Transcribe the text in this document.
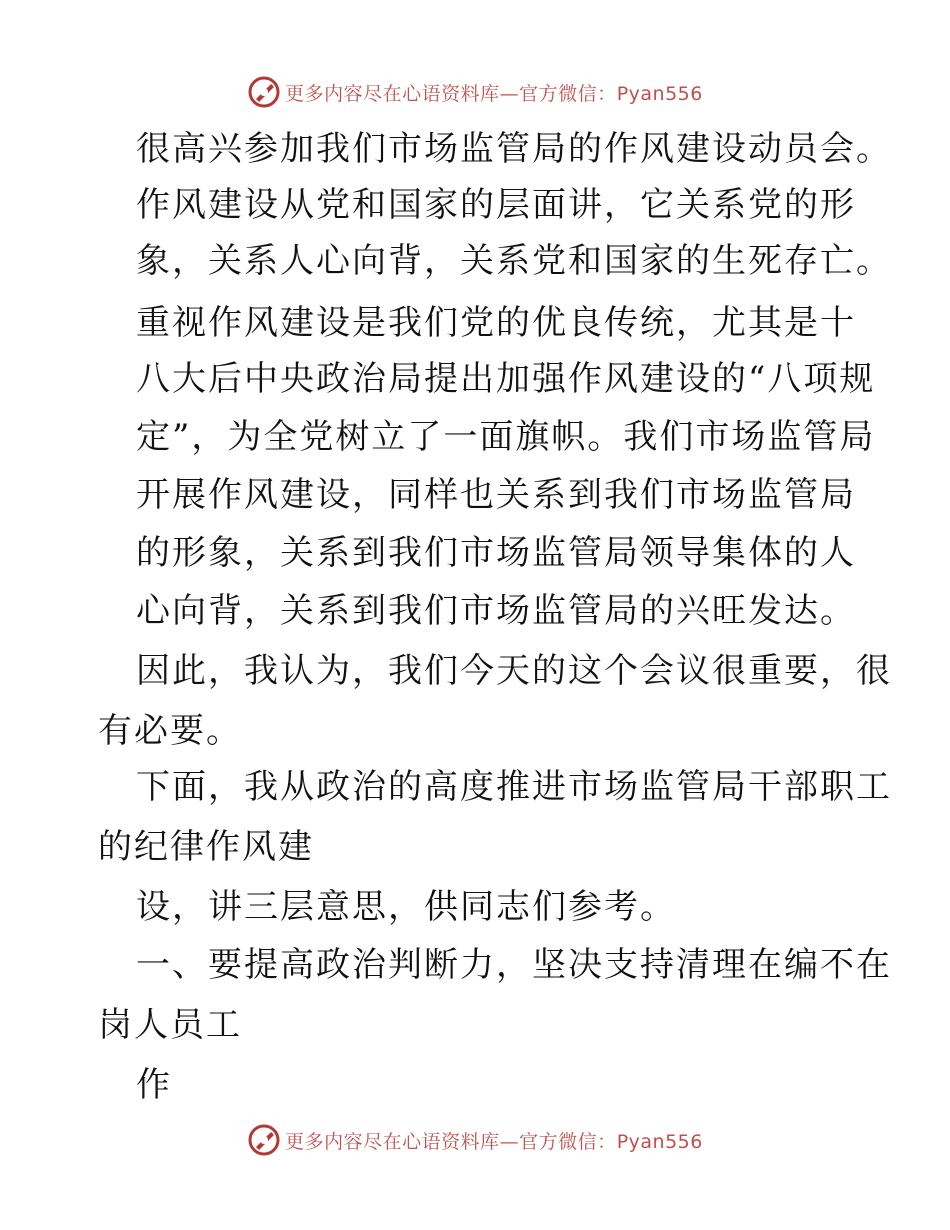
更多内容尽在心语资料库—官方微信：Pyan556
很高兴参加我们市场监管局的作风建设动员会。
作风建设从党和国家的层面讲，它关系党的形
象，关系人心向背，关系党和国家的生死存亡。
重视作风建设是我们党的优良传统，尤其是十
八大后中央政治局提出加强作风建设的“八项规
定”，为全党树立了一面旗帜。我们市场监管局
开展作风建设，同样也关系到我们市场监管局
的形象，关系到我们市场监管局领导集体的人
心向背，关系到我们市场监管局的兴旺发达。
因此，我认为，我们今天的这个会议很重要，很
有必要。
下面，我从政治的高度推进市场监管局干部职工
的纪律作风建
设，讲三层意思，供同志们参考。
一、要提高政治判断力，坚决支持清理在编不在
岗人员工
作
更多内容尽在心语资料库—官方微信：Pyan556
